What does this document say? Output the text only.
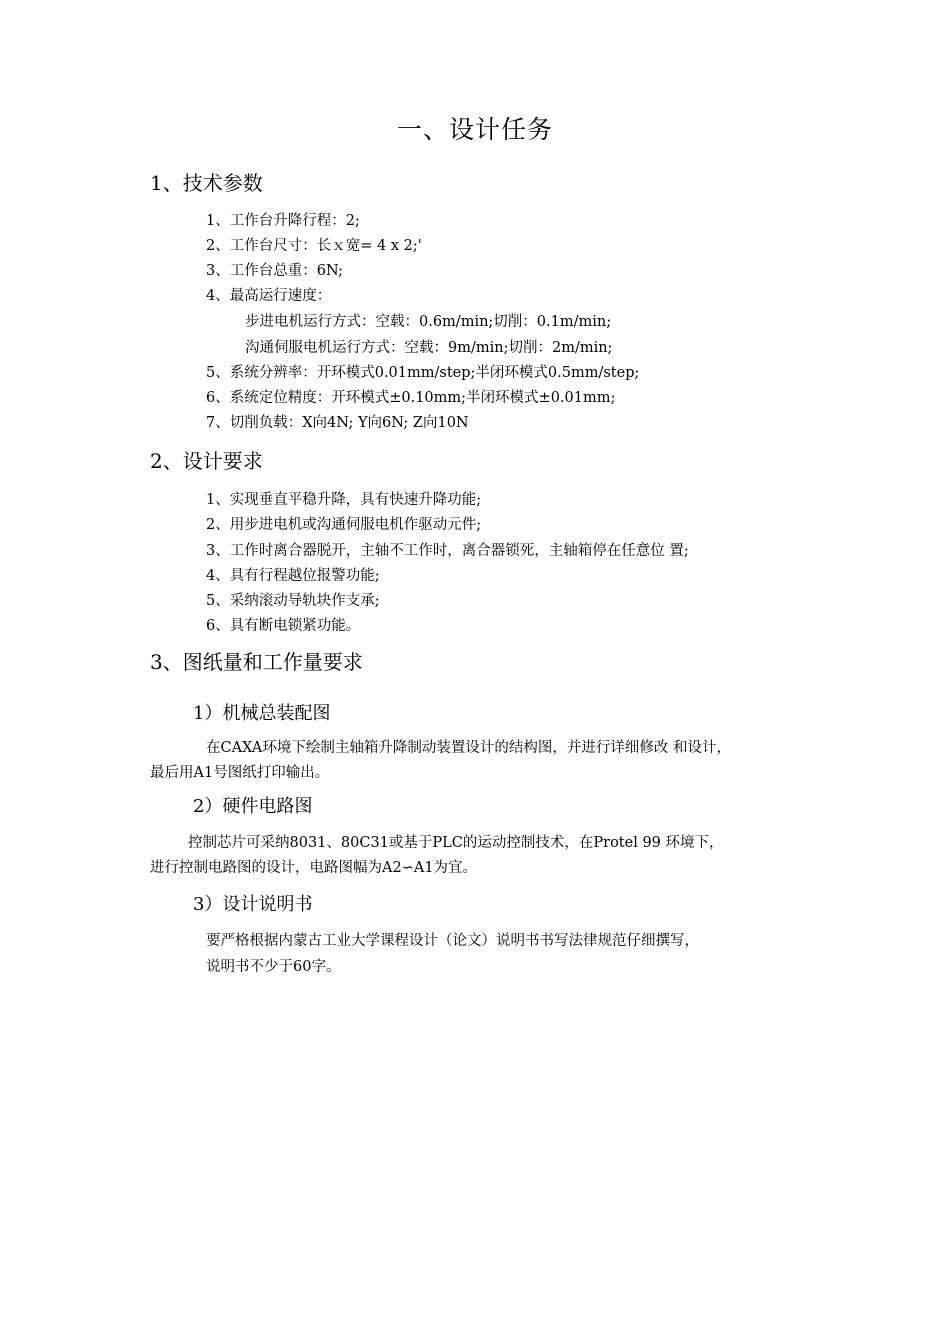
一、设计任务
1、技术参数
1、工作台升降行程：2;
2、工作台尺寸：长ｘ宽= 4 x 2;'
3、工作台总重：6N;
4、最高运行速度：
步进电机运行方式：空载：0.6m/min;切削：0.1m/min;
沟通伺服电机运行方式：空载：9m/min;切削：2m/min;
5、系统分辨率：开环模式0.01mm/step;半闭环模式0.5mm/step;
6、系统定位精度：开环模式±0.10mm;半闭环模式±0.01mm;
7、切削负载：X向4N; Y向6N; Z向10N
2、设计要求
1、实现垂直平稳升降，具有快速升降功能;
2、用步进电机或沟通伺服电机作驱动元件;
3、工作时离合器脱开，主轴不工作时，离合器锁死，主轴箱停在任意位 置;
4、具有行程越位报警功能;
5、采纳滚动导轨块作支承;
6、具有断电锁紧功能。
3、图纸量和工作量要求
1）机械总装配图
在CAXA环境下绘制主轴箱升降制动装置设计的结构图，并进行详细修改 和设计，
最后用A1号图纸打印输出。
2）硬件电路图
控制芯片可采纳8031、80C31或基于PLC的运动控制技术，在Protel 99 环境下，
进行控制电路图的设计，电路图幅为A2∽A1为宜。
3）设计说明书
要严格根据内蒙古工业大学课程设计（论文）说明书书写法律规范仔细撰写，
说明书不少于60字。
